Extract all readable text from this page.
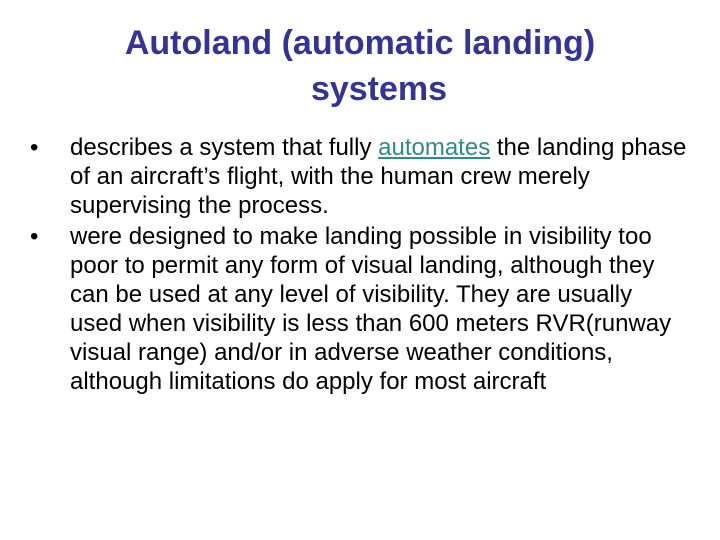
Autoland (automatic landing)
systems
•	describes a system that fully automates the landing phase of an aircraft’s flight, with the human crew merely supervising the process.
•	were designed to make landing possible in visibility too poor to permit any form of visual landing, although they can be used at any level of visibility. They are usually used when visibility is less than 600 meters RVR(runway visual range) and/or in adverse weather conditions, although limitations do apply for most aircraft
